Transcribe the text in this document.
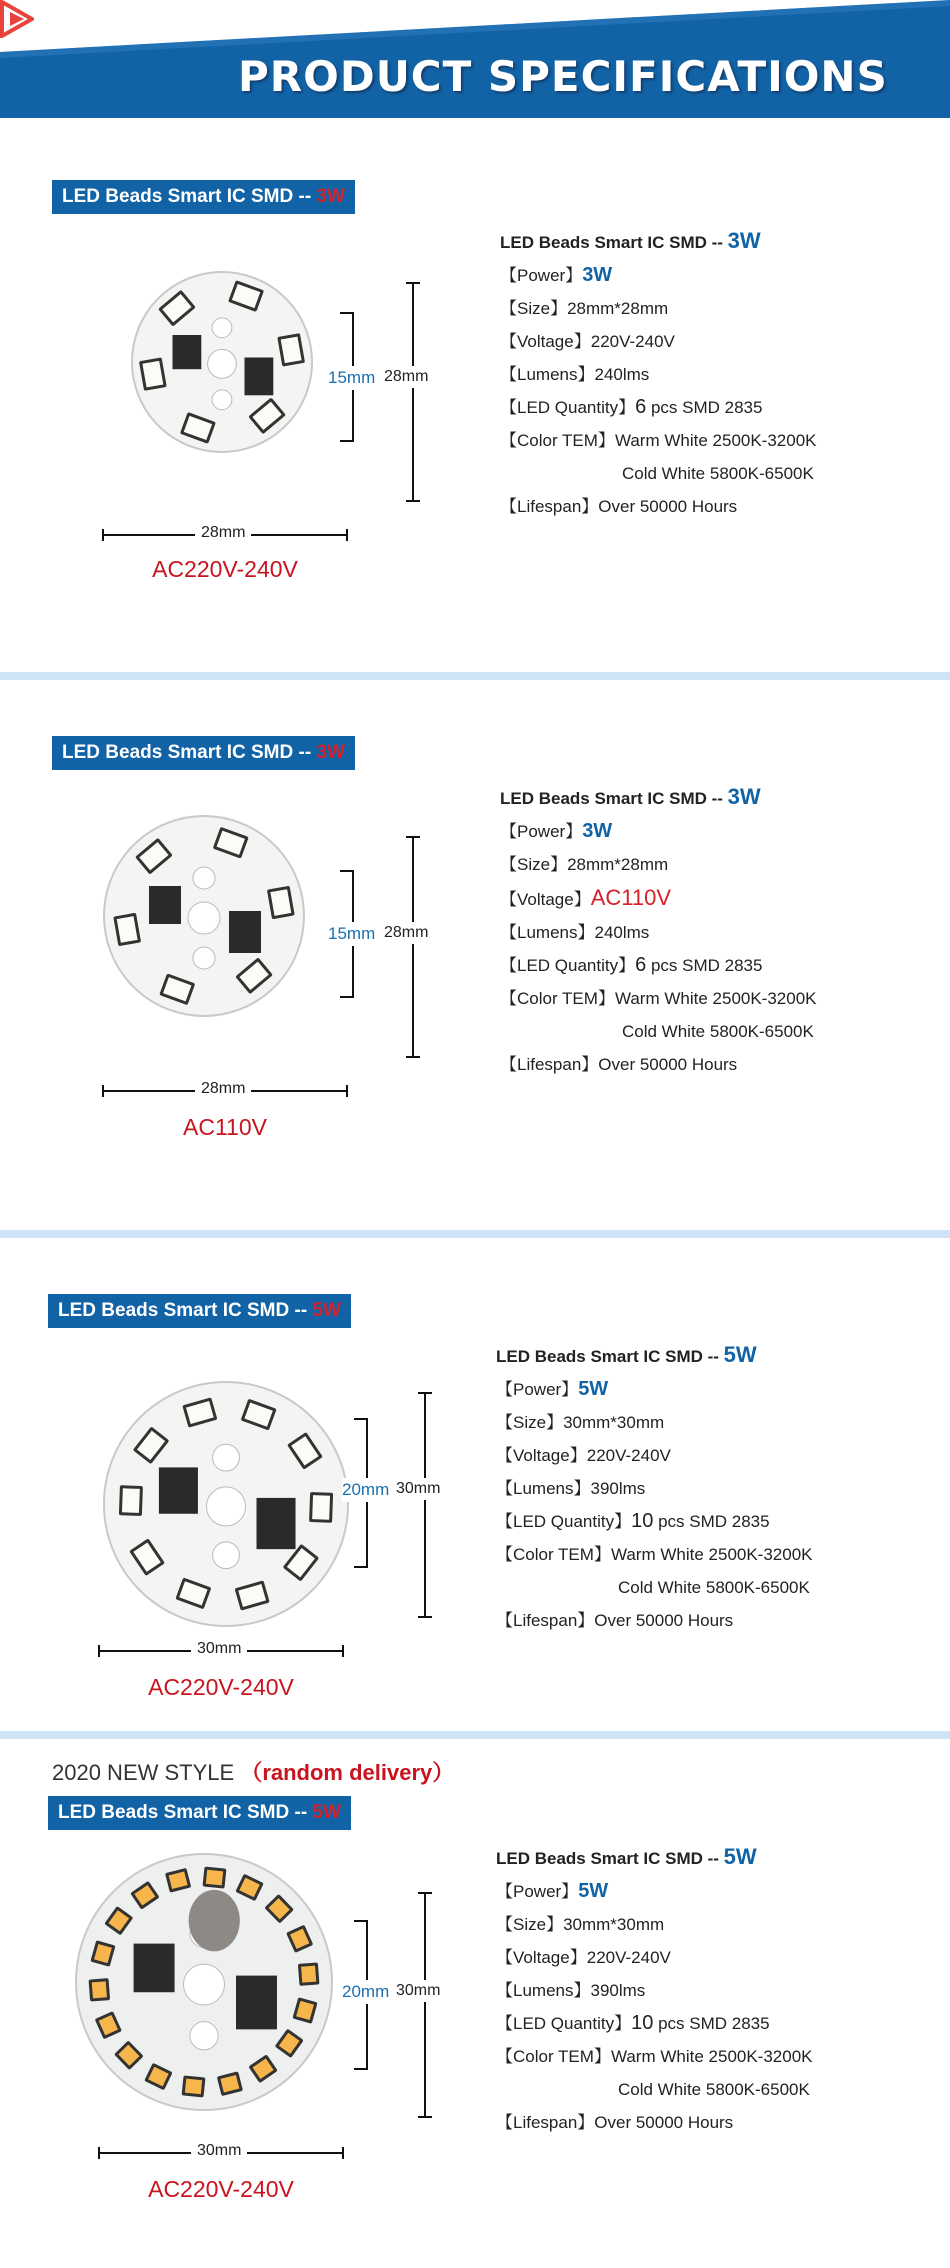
PRODUCT SPECIFICATIONS
LED Beads Smart IC SMD -- 3W
28mm
28mm
15mm
AC220V-240V
LED Beads Smart IC SMD -- 3W
【Power】3W
【Size】28mm*28mm
【Voltage】220V-240V
【Lumens】240lms
【LED Quantity】6 pcs SMD 2835
【Color TEM】Warm White 2500K-3200K
Cold White 5800K-6500K
【Lifespan】Over 50000 Hours
LED Beads Smart IC SMD -- 3W
28mm
28mm
15mm
AC110V
LED Beads Smart IC SMD -- 3W
【Power】3W
【Size】28mm*28mm
【Voltage】AC110V
【Lumens】240lms
【LED Quantity】6 pcs SMD 2835
【Color TEM】Warm White 2500K-3200K
Cold White 5800K-6500K
【Lifespan】Over 50000 Hours
LED Beads Smart IC SMD -- 5W
30mm
30mm
20mm
AC220V-240V
LED Beads Smart IC SMD -- 5W
【Power】5W
【Size】30mm*30mm
【Voltage】220V-240V
【Lumens】390lms
【LED Quantity】10 pcs SMD 2835
【Color TEM】Warm White 2500K-3200K
Cold White 5800K-6500K
【Lifespan】Over 50000 Hours
LED Beads Smart IC SMD -- 5W
30mm
30mm
20mm
AC220V-240V
LED Beads Smart IC SMD -- 5W
【Power】5W
【Size】30mm*30mm
【Voltage】220V-240V
【Lumens】390lms
【LED Quantity】10 pcs SMD 2835
【Color TEM】Warm White 2500K-3200K
Cold White 5800K-6500K
【Lifespan】Over 50000 Hours
2020 NEW STYLE （random delivery）
